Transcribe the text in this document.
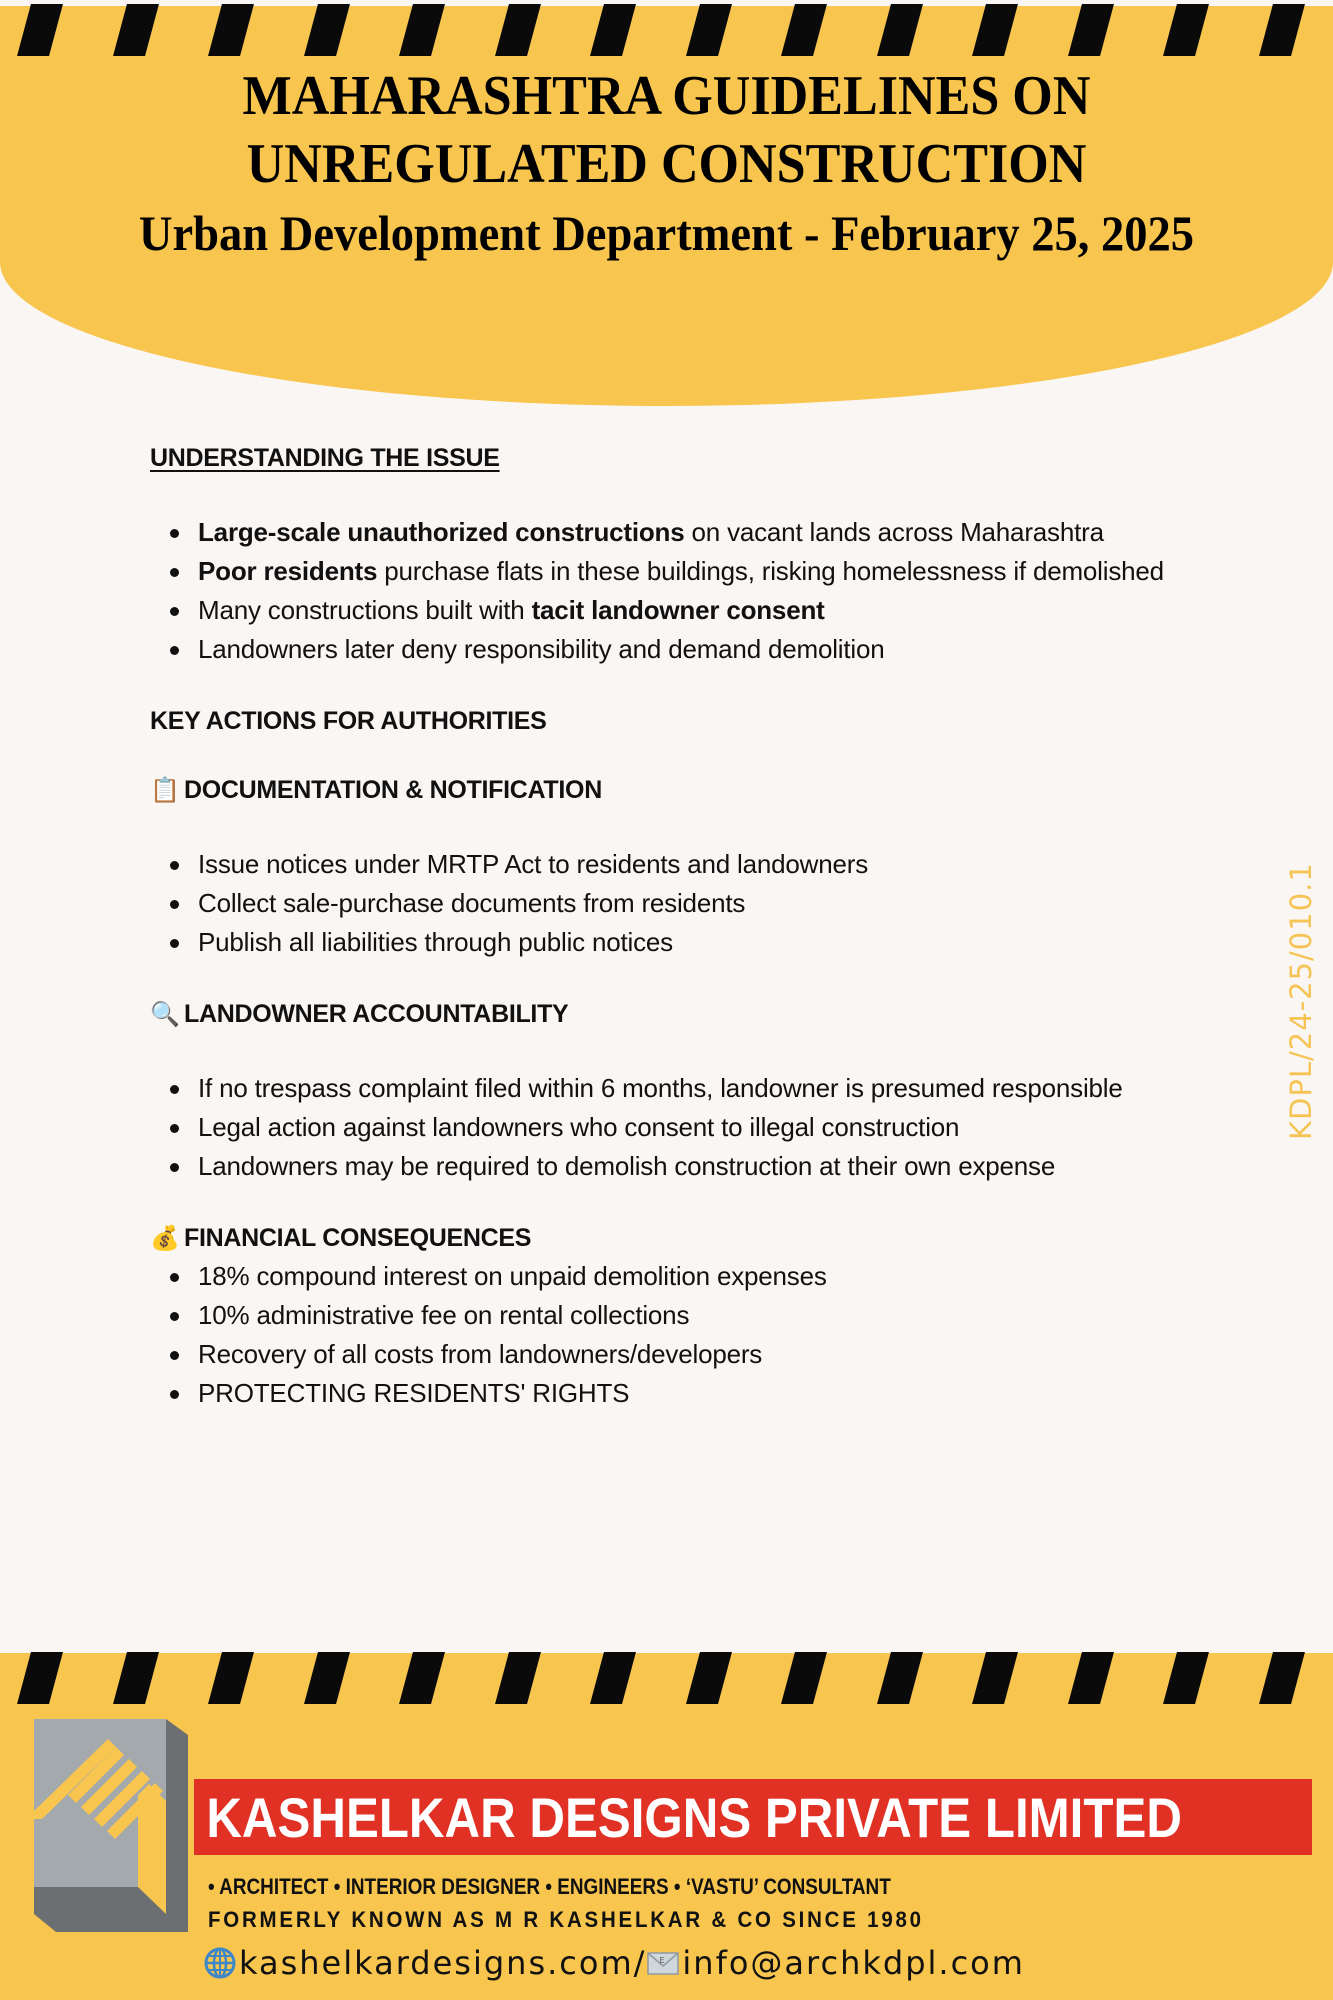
MAHARASHTRA GUIDELINES ON
UNREGULATED CONSTRUCTION
Urban Development Department - February 25, 2025
UNDERSTANDING THE ISSUE
Large-scale unauthorized constructions on vacant lands across Maharashtra
Poor residents purchase flats in these buildings, risking homelessness if demolished
Many constructions built with tacit landowner consent
Landowners later deny responsibility and demand demolition
KEY ACTIONS FOR AUTHORITIES
📋 DOCUMENTATION & NOTIFICATION
Issue notices under MRTP Act to residents and landowners
Collect sale-purchase documents from residents
Publish all liabilities through public notices
🔍 LANDOWNER ACCOUNTABILITY
If no trespass complaint filed within 6 months, landowner is presumed responsible
Legal action against landowners who consent to illegal construction
Landowners may be required to demolish construction at their own expense
💰 FINANCIAL CONSEQUENCES
18% compound interest on unpaid demolition expenses
10% administrative fee on rental collections
Recovery of all costs from landowners/developers
PROTECTING RESIDENTS' RIGHTS
KDPL/24-25/010.1
KASHELKAR DESIGNS PRIVATE LIMITED
• ARCHITECT • INTERIOR DESIGNER • ENGINEERS • ‘VASTU’ CONSULTANT
FORMERLY KNOWN AS M R KASHELKAR & CO SINCE 1980
kashelkardesigns.com/ E info@archkdpl.com
